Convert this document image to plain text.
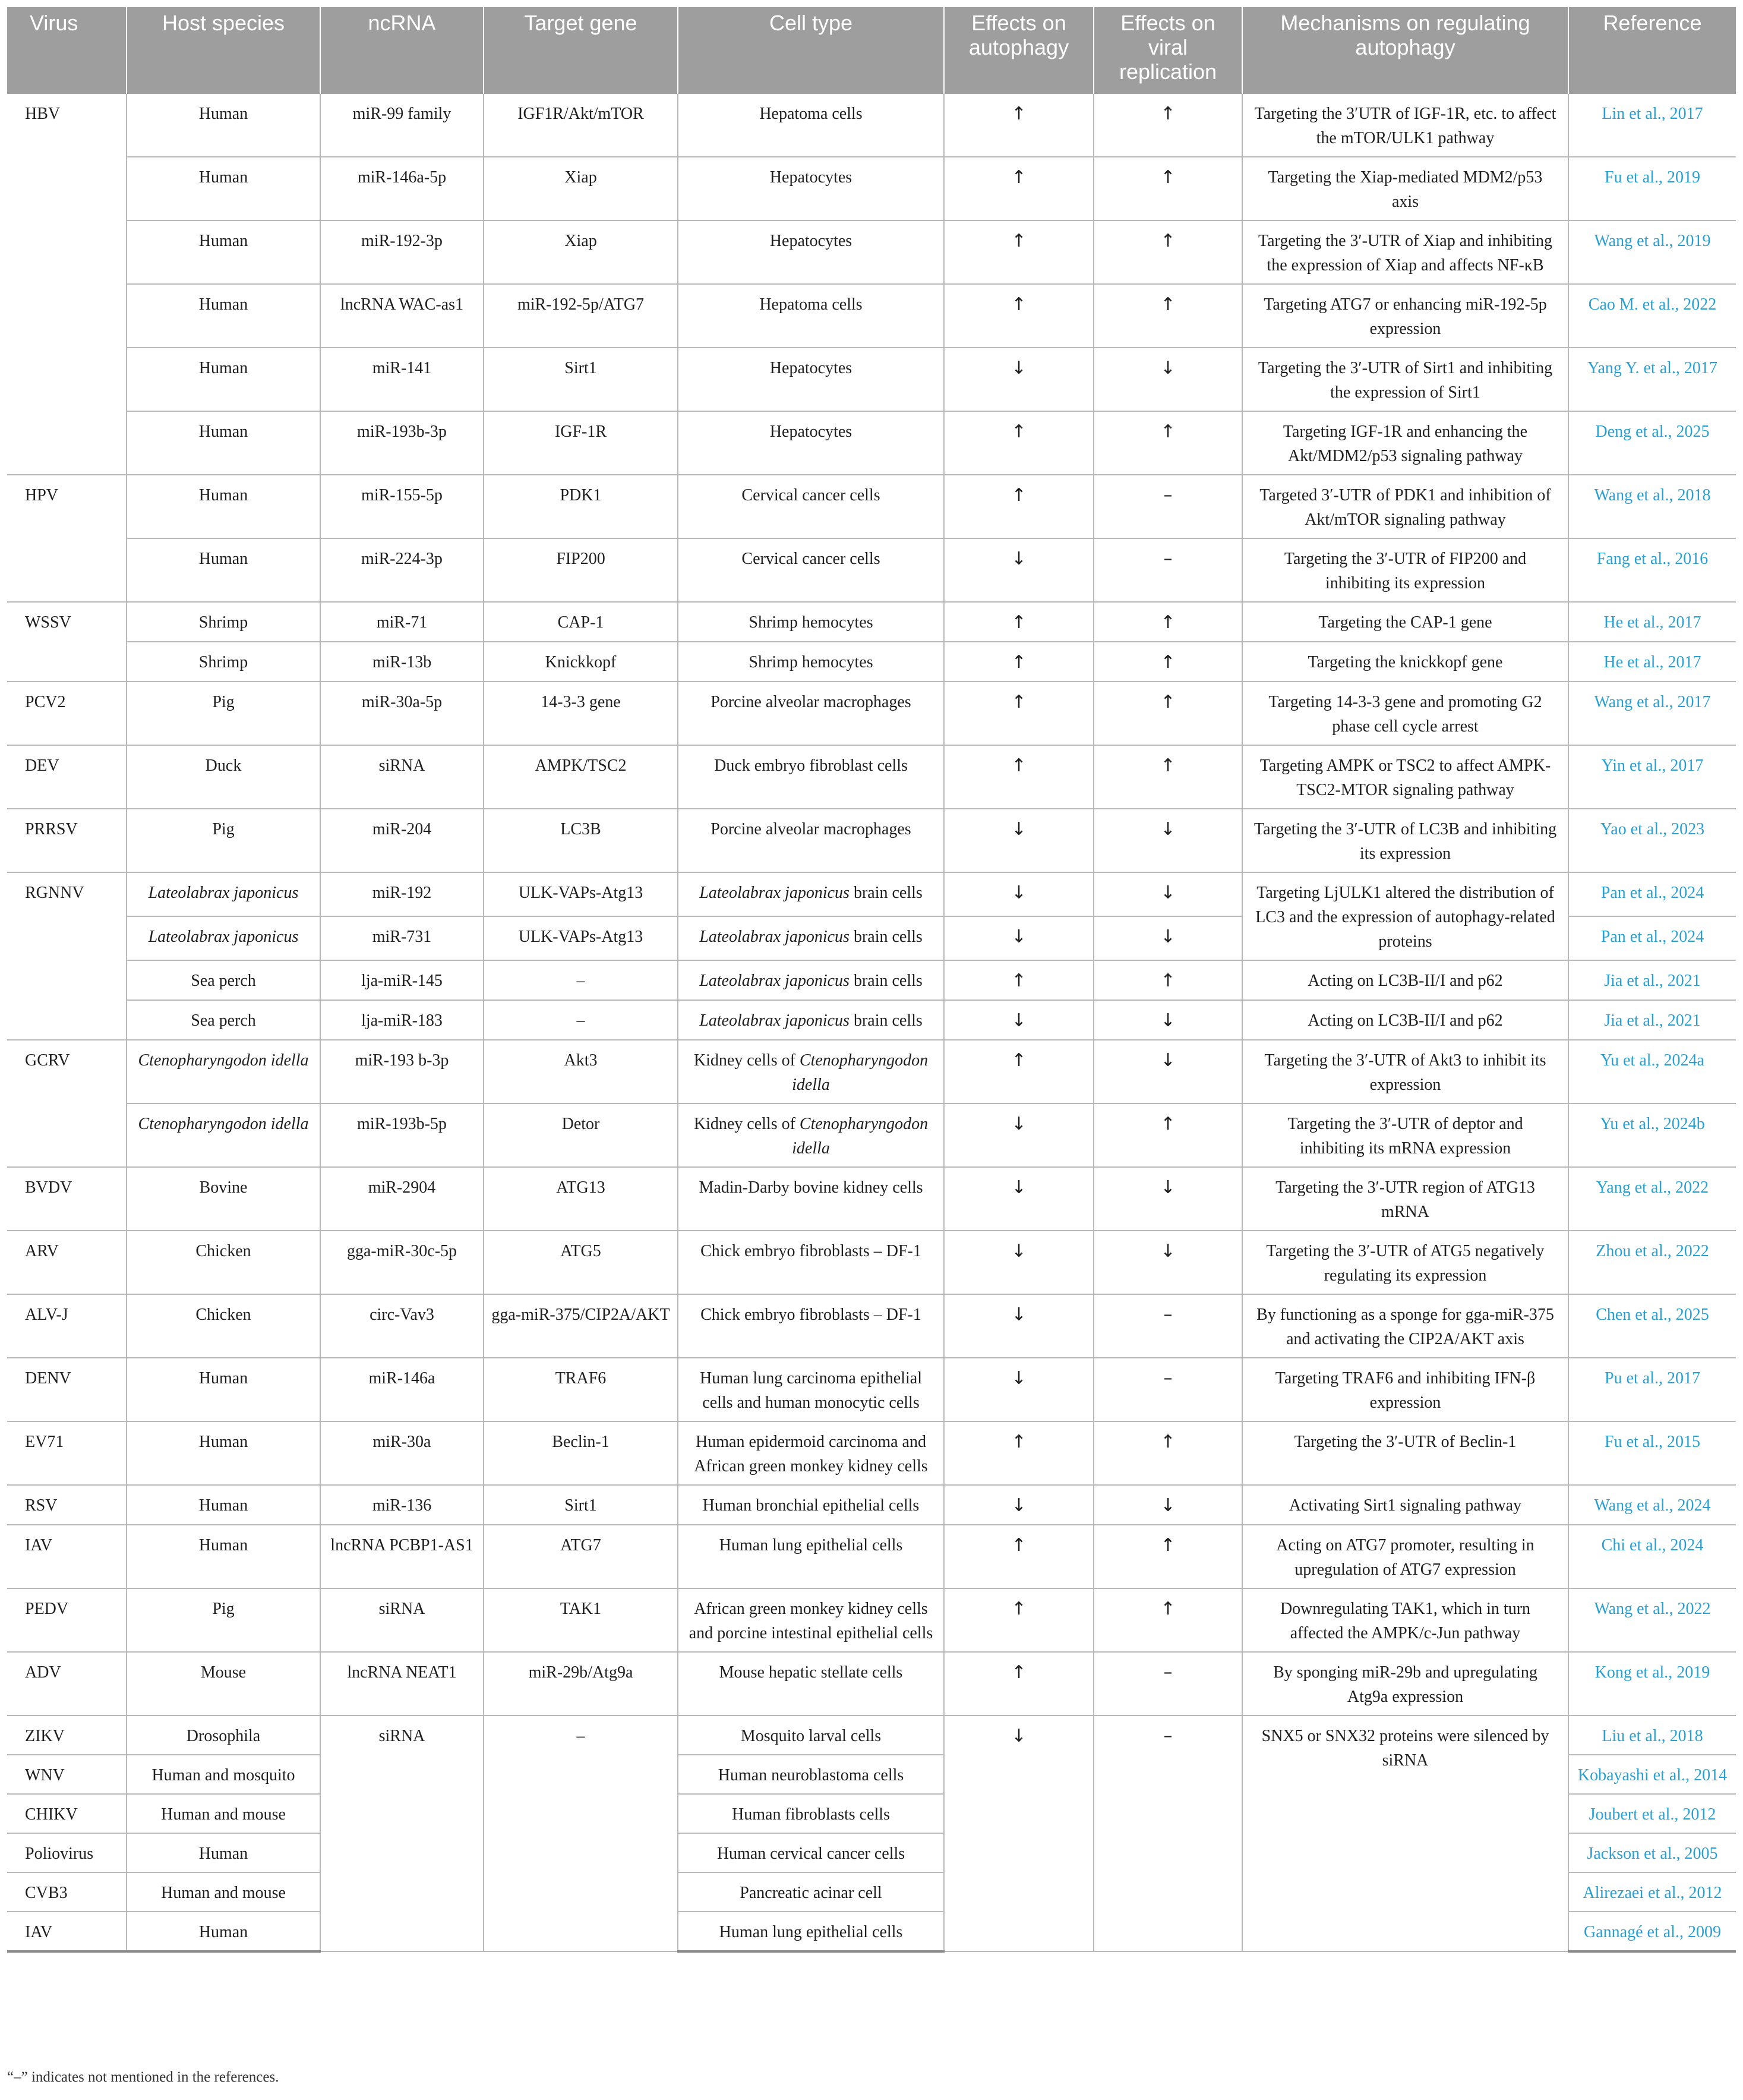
Virus	Host species	ncRNA	Target gene	Cell type	Effects on autophagy	Effects on viral replication	Mechanisms on regulating autophagy	Reference
HBV	Human	miR-99 family	IGF1R/Akt/mTOR	Hepatoma cells	↑	↑	Targeting the 3′UTR of IGF-1R, etc. to affect the mTOR/ULK1 pathway	Lin et al., 2017
	Human	miR-146a-5p	Xiap	Hepatocytes	↑	↑	Targeting the Xiap-mediated MDM2/p53 axis	Fu et al., 2019
	Human	miR-192-3p	Xiap	Hepatocytes	↑	↑	Targeting the 3′-UTR of Xiap and inhibiting the expression of Xiap and affects NF-κB	Wang et al., 2019
	Human	lncRNA WAC-as1	miR-192-5p/ATG7	Hepatoma cells	↑	↑	Targeting ATG7 or enhancing miR-192-5p expression	Cao M. et al., 2022
	Human	miR-141	Sirt1	Hepatocytes	↓	↓	Targeting the 3′-UTR of Sirt1 and inhibiting the expression of Sirt1	Yang Y. et al., 2017
	Human	miR-193b-3p	IGF-1R	Hepatocytes	↑	↑	Targeting IGF-1R and enhancing the Akt/MDM2/p53 signaling pathway	Deng et al., 2025
HPV	Human	miR-155-5p	PDK1	Cervical cancer cells	↑	–	Targeted 3′-UTR of PDK1 and inhibition of Akt/mTOR signaling pathway	Wang et al., 2018
	Human	miR-224-3p	FIP200	Cervical cancer cells	↓	–	Targeting the 3′-UTR of FIP200 and inhibiting its expression	Fang et al., 2016
WSSV	Shrimp	miR-71	CAP-1	Shrimp hemocytes	↑	↑	Targeting the CAP-1 gene	He et al., 2017
	Shrimp	miR-13b	Knickkopf	Shrimp hemocytes	↑	↑	Targeting the knickkopf gene	He et al., 2017
PCV2	Pig	miR-30a-5p	14-3-3 gene	Porcine alveolar macrophages	↑	↑	Targeting 14-3-3 gene and promoting G2 phase cell cycle arrest	Wang et al., 2017
DEV	Duck	siRNA	AMPK/TSC2	Duck embryo fibroblast cells	↑	↑	Targeting AMPK or TSC2 to affect AMPK-TSC2-MTOR signaling pathway	Yin et al., 2017
PRRSV	Pig	miR-204	LC3B	Porcine alveolar macrophages	↓	↓	Targeting the 3′-UTR of LC3B and inhibiting its expression	Yao et al., 2023
RGNNV	Lateolabrax japonicus	miR-192	ULK-VAPs-Atg13	Lateolabrax japonicus brain cells	↓	↓	Targeting LjULK1 altered the distribution of LC3 and the expression of autophagy-related proteins	Pan et al., 2024
	Lateolabrax japonicus	miR-731	ULK-VAPs-Atg13	Lateolabrax japonicus brain cells	↓	↓		Pan et al., 2024
	Sea perch	lja-miR-145	–	Lateolabrax japonicus brain cells	↑	↑	Acting on LC3B-II/I and p62	Jia et al., 2021
	Sea perch	lja-miR-183	–	Lateolabrax japonicus brain cells	↓	↓	Acting on LC3B-II/I and p62	Jia et al., 2021
GCRV	Ctenopharyngodon idella	miR-193 b-3p	Akt3	Kidney cells of Ctenopharyngodon idella	↑	↓	Targeting the 3′-UTR of Akt3 to inhibit its expression	Yu et al., 2024a
	Ctenopharyngodon idella	miR-193b-5p	Detor	Kidney cells of Ctenopharyngodon idella	↓	↑	Targeting the 3′-UTR of deptor and inhibiting its mRNA expression	Yu et al., 2024b
BVDV	Bovine	miR-2904	ATG13	Madin-Darby bovine kidney cells	↓	↓	Targeting the 3′-UTR region of ATG13 mRNA	Yang et al., 2022
ARV	Chicken	gga-miR-30c-5p	ATG5	Chick embryo fibroblasts – DF-1	↓	↓	Targeting the 3′-UTR of ATG5 negatively regulating its expression	Zhou et al., 2022
ALV-J	Chicken	circ-Vav3	gga-miR-375/CIP2A/AKT	Chick embryo fibroblasts – DF-1	↓	–	By functioning as a sponge for gga-miR-375 and activating the CIP2A/AKT axis	Chen et al., 2025
DENV	Human	miR-146a	TRAF6	Human lung carcinoma epithelial cells and human monocytic cells	↓	–	Targeting TRAF6 and inhibiting IFN-β expression	Pu et al., 2017
EV71	Human	miR-30a	Beclin-1	Human epidermoid carcinoma and African green monkey kidney cells	↑	↑	Targeting the 3′-UTR of Beclin-1	Fu et al., 2015
RSV	Human	miR-136	Sirt1	Human bronchial epithelial cells	↓	↓	Activating Sirt1 signaling pathway	Wang et al., 2024
IAV	Human	lncRNA PCBP1-AS1	ATG7	Human lung epithelial cells	↑	↑	Acting on ATG7 promoter, resulting in upregulation of ATG7 expression	Chi et al., 2024
PEDV	Pig	siRNA	TAK1	African green monkey kidney cells and porcine intestinal epithelial cells	↑	↑	Downregulating TAK1, which in turn affected the AMPK/c-Jun pathway	Wang et al., 2022
ADV	Mouse	lncRNA NEAT1	miR-29b/Atg9a	Mouse hepatic stellate cells	↑	–	By sponging miR-29b and upregulating Atg9a expression	Kong et al., 2019
ZIKV	Drosophila	siRNA	–	Mosquito larval cells	↓	–	SNX5 or SNX32 proteins were silenced by siRNA	Liu et al., 2018
WNV	Human and mosquito			Human neuroblastoma cells				Kobayashi et al., 2014
CHIKV	Human and mouse			Human fibroblasts cells				Joubert et al., 2012
Poliovirus	Human			Human cervical cancer cells				Jackson et al., 2005
CVB3	Human and mouse			Pancreatic acinar cell				Alirezaei et al., 2012
IAV	Human			Human lung epithelial cells				Gannagé et al., 2009
“–” indicates not mentioned in the references.
